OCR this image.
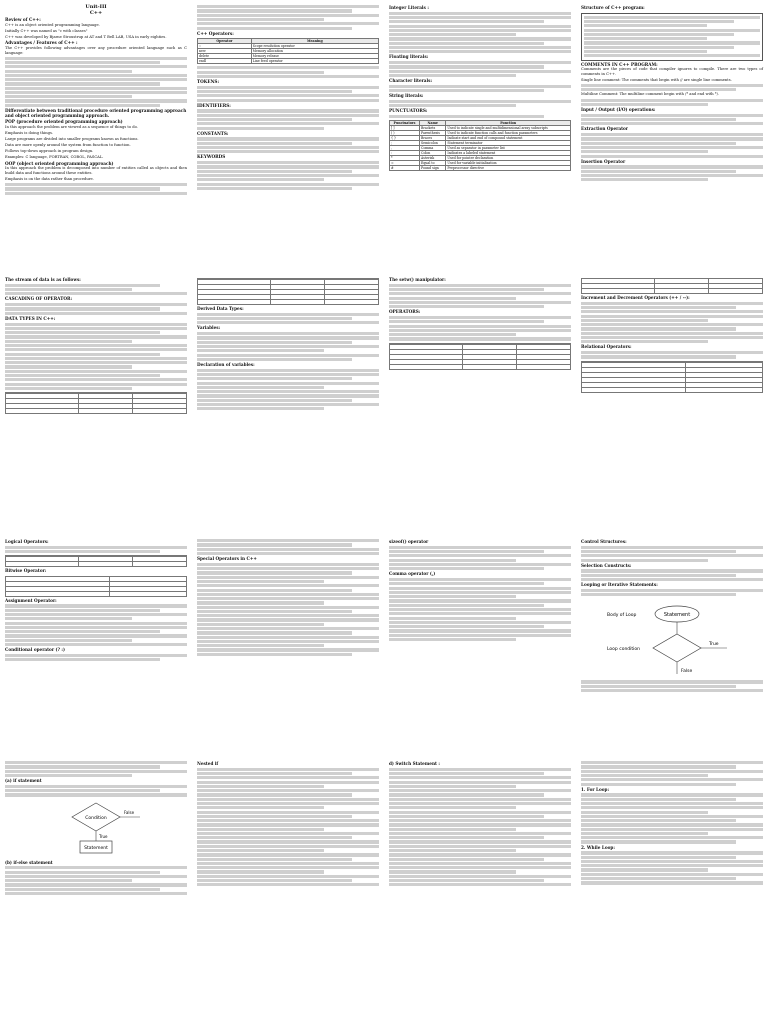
Unit-III
C++
Review of C++:
C++ is an object oriented programming language.
Initially C++ was named as "c with classes"
C++ was developed by Bjarne Stroustrup at AT and T Bell LAB, USA in early eighties.
Advantages / Features of C++ :
The C++ provides following advantages over any procedure oriented language such as C language:
Differentiate between traditional procedure oriented programming approach and object oriented programming approach.
POP (procedure oriented programming approach)
In this approach the problem are viewed as a sequence of things to do.
Emphasis is doing things.
Large programs are divided into smaller programs known as functions.
Data are more openly around the system from function to function.
Follows top-down approach in program design.
Examples: C language, FORTRAN, COBOL, PASCAL.
OOP (object oriented programming approach)
In this approach the problem is decomposed into number of entities called as objects and then build data and functions around these entities.
Emphasis is on the data rather than procedure.
C++ Operators:
Operator	Meaning
::	Scope resolution operator
new	Memory allocation
delete	Memory release
endl	Line feed operator
TOKENS:
IDENTIFIERS:
CONSTANTS:
KEYWORDS
Integer Literals :
Floating literals:
Character literals:
String literals:
PUNCTUATORS:
Punctuators	Name	Function
[ ]	Brackets	Used to indicate single and multidimensional array subscripts
( )	Parenthesis	Used to indicate function calls and function parameters
{ }	Braces	Indicate start and end of compound statement
;	Semicolon	Statement terminator
,	Comma	Used as separator in parameter list
:	Colon	Indicates a labeled statement
*	Asterisk	Used for pointer declaration
=	Equal to	Used for variable initialization
#	Pound sign	Preprocessor directive
Structure of C++ program:
COMMENTS IN C++ PROGRAM:
Comments are the pieces of code that compiler ignores to compile. There are two types of comments in C++.
Single line comment: The comments that begin with // are single line comments.
Multiline Comment: The multiline comment begin with /* and end with */.
Input / Output (I/O) operations:
Extraction Operator
Insertion Operator
The stream of data is as follows:
CASCADING OF OPERATOR:
DATA TYPES IN C++:

Derived Data Types:
Variables:
Declaration of variables:
The setw() manipulator:
OPERATORS:

Increment and Decrement Operators (++ / --):
Relational Operators:

Logical Operators:

Bitwise Operator:

Assignment Operator:
Conditional operator (? :)
Special Operators in C++
sizeof() operator
Comma operator (,)
Control Structures:
Selection Constructs:
Looping or Iterative Statements:
Statement
Body of Loop
Loop condition
True
False
(a) if statement
Condition
Statement
True
False
(b) if-else statement
Nested if	d) Switch Statement :
1. For Loop:
2. While Loop:
